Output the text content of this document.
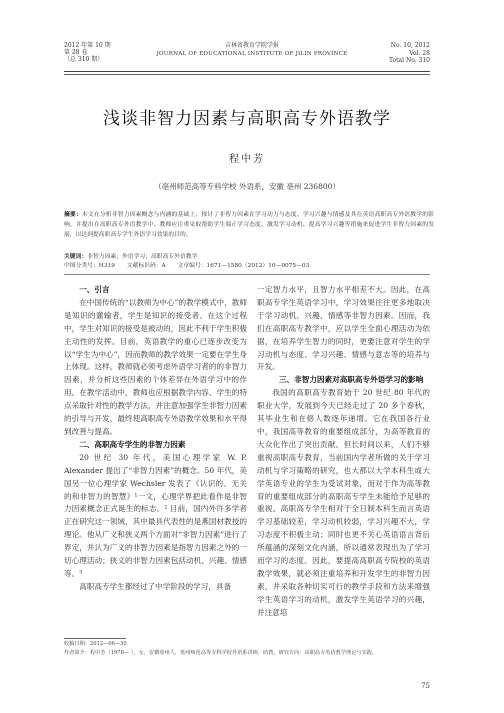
2012 年第 10 期
第 28 卷
（总 310 期）
吉林省教育学院学报
JOURNAL OF EDUCATIONAL INSTITUTE OF JILIN PROVINCE
No. 10, 2012
Vol. 28
Total No. 310
浅谈非智力因素与高职高专外语教学
程中芳
（亳州师范高等专科学校 外语系，安徽 亳州 236800）
摘要：本文在分析非智力因素概念与内涵的基础上，探讨了非智力因素在学习动力与态度、学习兴趣与情感及其在英语高职高专外语教学的影响，并提出在高职高专外语教学中、教师应注重采取帮助学生端正学习态度、激发学习动机、提高学习兴趣等措施来促进学生非智力因素的发展，以达到提高职高专学生外语学习效果的目的。
关键词：非智力因素；外语学习；高职高专外语教学
中图分类号：H319 文献标识码：A 文章编号：1671—1580（2012）10—0075—03

一、引言

在中国传统的“以教师为中心”的教学模式中，教师是知识的灌输者，学生是知识的接受者。在这个过程中，学生对知识的接受是被动的，因此不利于学生积极主动性的发挥。目前，英语教学的重心已逐步改变为以“学生为中心”，因而教师的教学效果一定要在学生身上体现。这样，教师就必须考虑外语学习者的的非智力因素，并分析这些因素的个体差异在外语学习中的作用。在教学活动中，教师也应根据教学内容、学生的特点采取针对性的教学方法，并注意加强学生非智力因素的引导与开发，最终使高职高专外语教学效果和水平得到改善与提高。

二、高职高专学生的非智力因素

20 世纪 30 年代，美国心理学家 W. P. Alexander 提出了“非智力因素”的概念。50 年代，美国另一位心理学家 Wechsler 发表了《认识的、无关的和非智力的智慧》¹一文，心理学界把此看作是非智力因素概念正式诞生的标志。² 目前，国内外许多学者正在研究这一领域，其中最具代表性的是燕国材教授的理论。他从广义和狭义两个方面对“非智力因素”进行了界定，并认为广义的非智力因素是指智力因素之外的一切心理活动；狭义的非智力因素包括动机、兴趣、情感等。³

高职高专学生都经过了中学阶段的学习，具备

一定智力水平，且智力水平相差不大。因此，在高职高专学生英语学习中，学习效果往往更多地取决于学习动机、兴趣、情感等非智力因素。因而，我们在高职高专教学中，应以学生全面心理活动为依据，在培养学生智力的同时，更要注意对学生的学习动机与态度、学习兴趣、情感与意志等的培养与开发。

三、非智力因素对高职高专外语学习的影响

我国的高职高专教育始于 20 世纪 80 年代的职业大学，发展到今天已经走过了 20 多个春秋，其毕业生和在修人数逐年递增。它在我国各行业中，我国高等教育的重要组成部分，为高等教育的大众化作出了突出贡献。但长时间以来，人们不够重视高职高专教育，当前国内学者所做的关于学习动机与学习策略的研究，也大都以大学本科生或大学英语专业的学生为受试对象，而对于作为高等教育的重要组成部分的高职高专学生未能给予足够的重视。高职高专学生相对于全日制本科生而言英语学习基础较差，学习动机较弱，学习兴趣不大，学习态度不积极主动；同时也更不关心英语语言背后所蕴涵的深刻文化内涵，所以通常表现出为了学习而学习的态度。因此，要提高高职高专院校的英语教学效果，就必须注重培养和开发学生的非智力因素，并采取各种切实可行的教学手段和方法来增强学生英语学习的动机，激发学生英语学习的兴趣，并注意培

收稿日期：2012—06—30
作者简介：程中芳（1978— ），女，安徽亳州人，亳州师范高等专科学校外语系讲师，助教，研究方向：高职高专英语教学理论与实践。
75
